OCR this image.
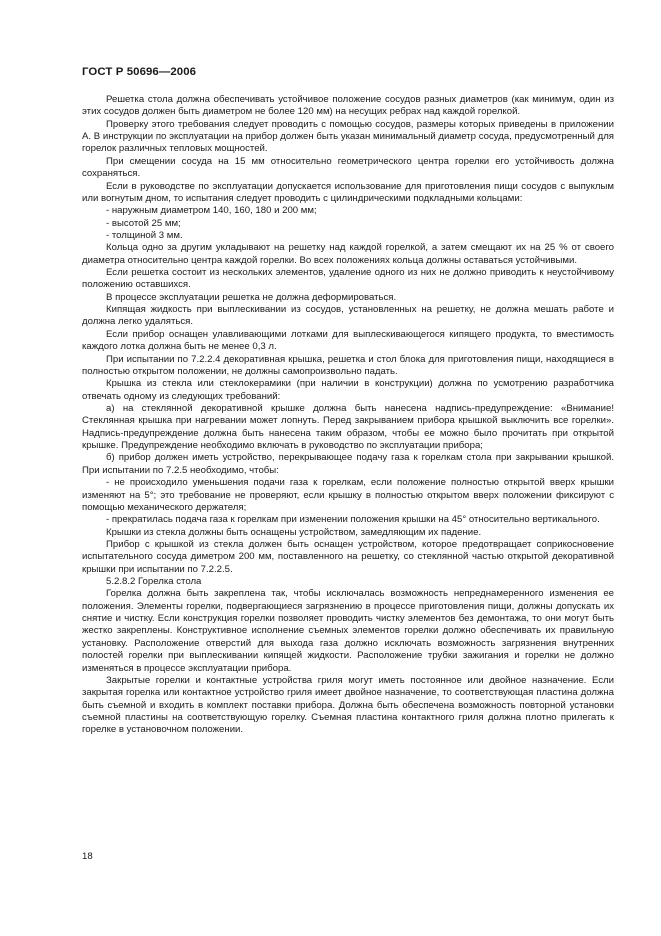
ГОСТ Р 50696—2006
Решетка стола должна обеспечивать устойчивое положение сосудов разных диаметров (как минимум, один из этих сосудов должен быть диаметром не более 120 мм) на несущих ребрах над каждой горелкой.
Проверку этого требования следует проводить с помощью сосудов, размеры которых приведены в приложении А. В инструкции по эксплуатации на прибор должен быть указан минимальный диаметр сосуда, предусмотренный для горелок различных тепловых мощностей.
При смещении сосуда на 15 мм относительно геометрического центра горелки его устойчивость должна сохраняться.
Если в руководстве по эксплуатации допускается использование для приготовления пищи сосудов с выпуклым или вогнутым дном, то испытания следует проводить с цилиндрическими подкладными кольцами:
- наружным диаметром 140, 160, 180 и 200 мм;
- высотой 25 мм;
- толщиной 3 мм.
Кольца одно за другим укладывают на решетку над каждой горелкой, а затем смещают их на 25 % от своего диаметра относительно центра каждой горелки. Во всех положениях кольца должны оставаться устойчивыми.
Если решетка состоит из нескольких элементов, удаление одного из них не должно приводить к неустойчивому положению оставшихся.
В процессе эксплуатации решетка не должна деформироваться.
Кипящая жидкость при выплескивании из сосудов, установленных на решетку, не должна мешать работе и должна легко удаляться.
Если прибор оснащен улавливающими лотками для выплескивающегося кипящего продукта, то вместимость каждого лотка должна быть не менее 0,3 л.
При испытании по 7.2.2.4 декоративная крышка, решетка и стол блока для приготовления пищи, находящиеся в полностью открытом положении, не должны самопроизвольно падать.
Крышка из стекла или стеклокерамики (при наличии в конструкции) должна по усмотрению разработчика отвечать одному из следующих требований:
а) на стеклянной декоративной крышке должна быть нанесена надпись-предупреждение: «Внимание! Стеклянная крышка при нагревании может лопнуть. Перед закрыванием прибора крышкой выключить все горелки». Надпись-предупреждение должна быть нанесена таким образом, чтобы ее можно было прочитать при открытой крышке. Предупреждение необходимо включать в руководство по эксплуатации прибора;
б) прибор должен иметь устройство, перекрывающее подачу газа к горелкам стола при закрывании крышкой. При испытании по 7.2.5 необходимо, чтобы:
- не происходило уменьшения подачи газа к горелкам, если положение полностью открытой вверх крышки изменяют на 5°; это требование не проверяют, если крышку в полностью открытом вверх положении фиксируют с помощью механического держателя;
- прекратилась подача газа к горелкам при изменении положения крышки на 45° относительно вертикального.
Крышки из стекла должны быть оснащены устройством, замедляющим их падение.
Прибор с крышкой из стекла должен быть оснащен устройством, которое предотвращает соприкосновение испытательного сосуда диметром 200 мм, поставленного на решетку, со стеклянной частью открытой декоративной крышки при испытании по 7.2.2.5.
5.2.8.2 Горелка стола
Горелка должна быть закреплена так, чтобы исключалась возможность непреднамеренного изменения ее положения. Элементы горелки, подвергающиеся загрязнению в процессе приготовления пищи, должны допускать их снятие и чистку. Если конструкция горелки позволяет проводить чистку элементов без демонтажа, то они могут быть жестко закреплены. Конструктивное исполнение съемных элементов горелки должно обеспечивать их правильную установку. Расположение отверстий для выхода газа должно исключать возможность загрязнения внутренних полостей горелки при выплескивании кипящей жидкости. Расположение трубки зажигания и горелки не должно изменяться в процессе эксплуатации прибора.
Закрытые горелки и контактные устройства гриля могут иметь постоянное или двойное назначение. Если закрытая горелка или контактное устройство гриля имеет двойное назначение, то соответствующая пластина должна быть съемной и входить в комплект поставки прибора. Должна быть обеспечена возможность повторной установки съемной пластины на соответствующую горелку. Съемная пластина контактного гриля должна плотно прилегать к горелке в установочном положении.
18
